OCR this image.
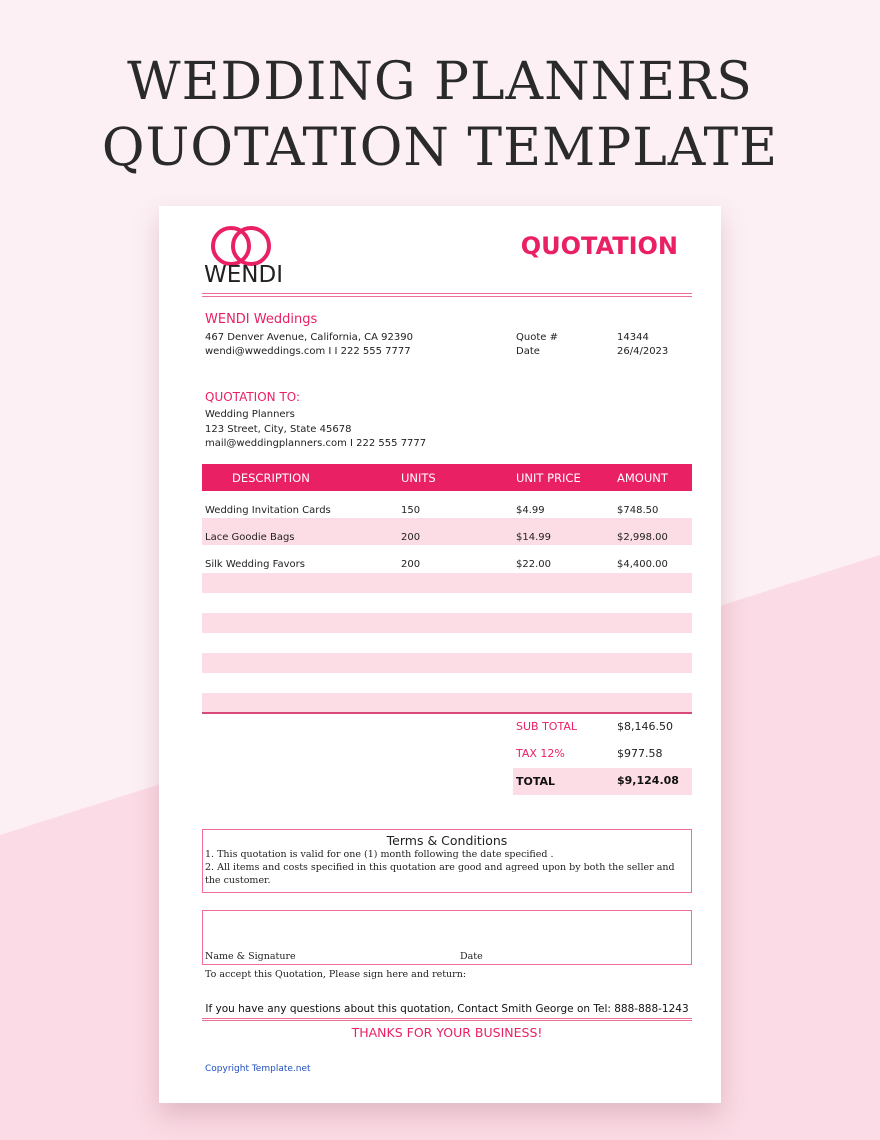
WEDDING PLANNERS
QUOTATION TEMPLATE
WENDI
QUOTATION
WENDI Weddings
467 Denver Avenue, California, CA 92390
wendi@wweddings.com I I 222 555 7777
Quote #	14344
Date	26/4/2023
QUOTATION TO:
Wedding Planners
123 Street, City, State 45678
mail@weddingplanners.com I 222 555 7777
DESCRIPTION	UNITS	UNIT PRICE	AMOUNT
Wedding Invitation Cards	150	$4.99	$748.50
Lace Goodie Bags	200	$14.99	$2,998.00
Silk Wedding Favors	200	$22.00	$4,400.00
SUB TOTAL	$8,146.50
TAX 12%	$977.58
TOTAL	$9,124.08
Terms & Conditions
1. This quotation is valid for one (1) month following the date specified .
2. All items and costs specified in this quotation are good and agreed upon by both the seller and the customer.
Name & Signature	Date
To accept this Quotation, Please sign here and return:
If you have any questions about this quotation, Contact Smith George on Tel: 888-888-1243
THANKS FOR YOUR BUSINESS!
Copyright Template.net
